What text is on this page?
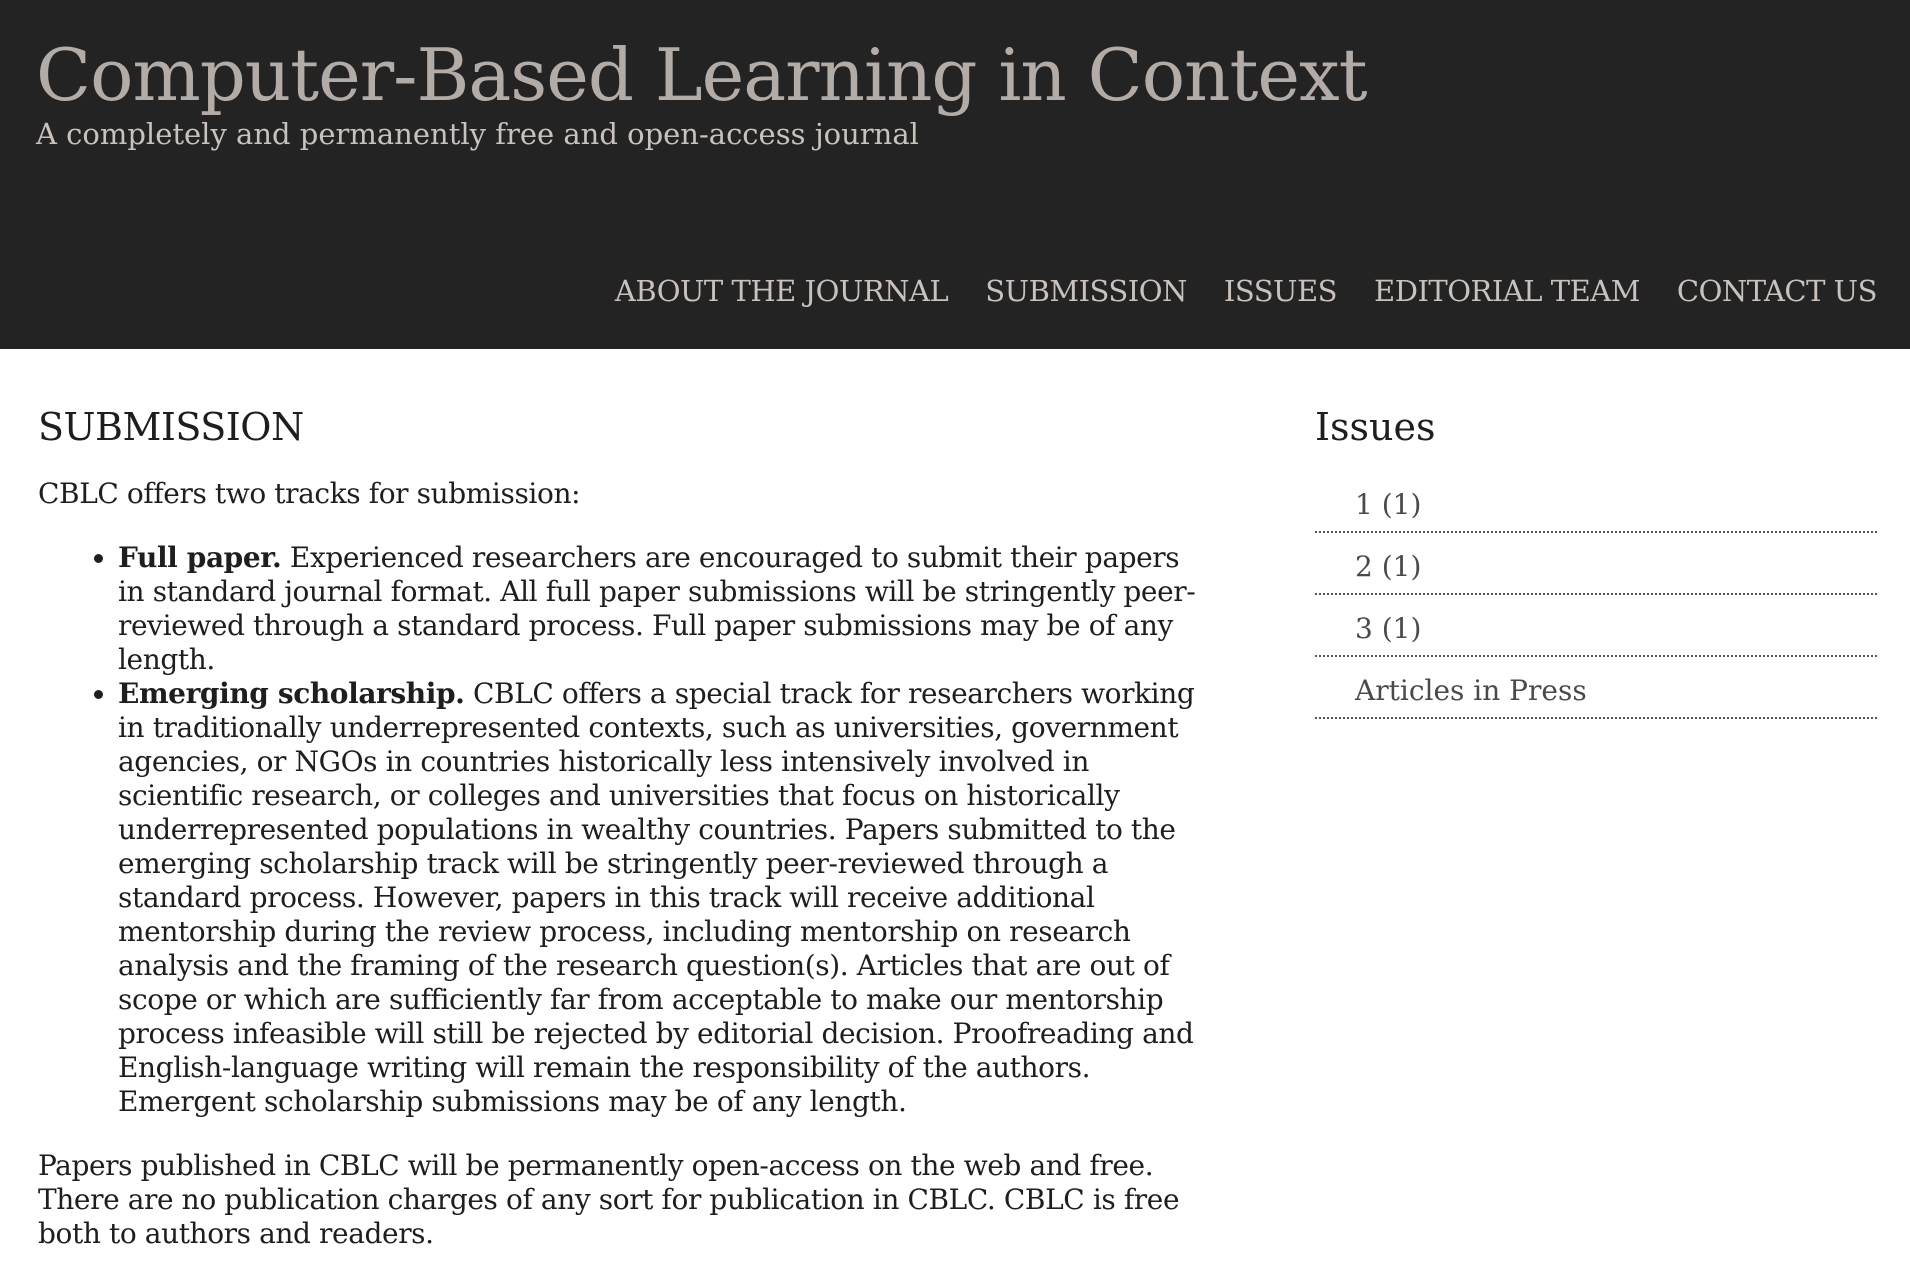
Computer-Based Learning in Context
A completely and permanently free and open-access journal
ABOUT THE JOURNAL SUBMISSION ISSUES EDITORIAL TEAM CONTACT US
SUBMISSION

CBLC offers two tracks for submission:

• Full paper. Experienced researchers are encouraged to submit their papers in standard journal format. All full paper submissions will be stringently peer-reviewed through a standard process. Full paper submissions may be of any length.
• Emerging scholarship. CBLC offers a special track for researchers working in traditionally underrepresented contexts, such as universities, government agencies, or NGOs in countries historically less intensively involved in scientific research, or colleges and universities that focus on historically underrepresented populations in wealthy countries. Papers submitted to the emerging scholarship track will be stringently peer-reviewed through a standard process. However, papers in this track will receive additional mentorship during the review process, including mentorship on research analysis and the framing of the research question(s). Articles that are out of scope or which are sufficiently far from acceptable to make our mentorship process infeasible will still be rejected by editorial decision. Proofreading and English-language writing will remain the responsibility of the authors. Emergent scholarship submissions may be of any length.

Papers published in CBLC will be permanently open-access on the web and free. There are no publication charges of any sort for publication in CBLC. CBLC is free both to authors and readers.

Issues
1 (1)
2 (1)
3 (1)
Articles in Press
